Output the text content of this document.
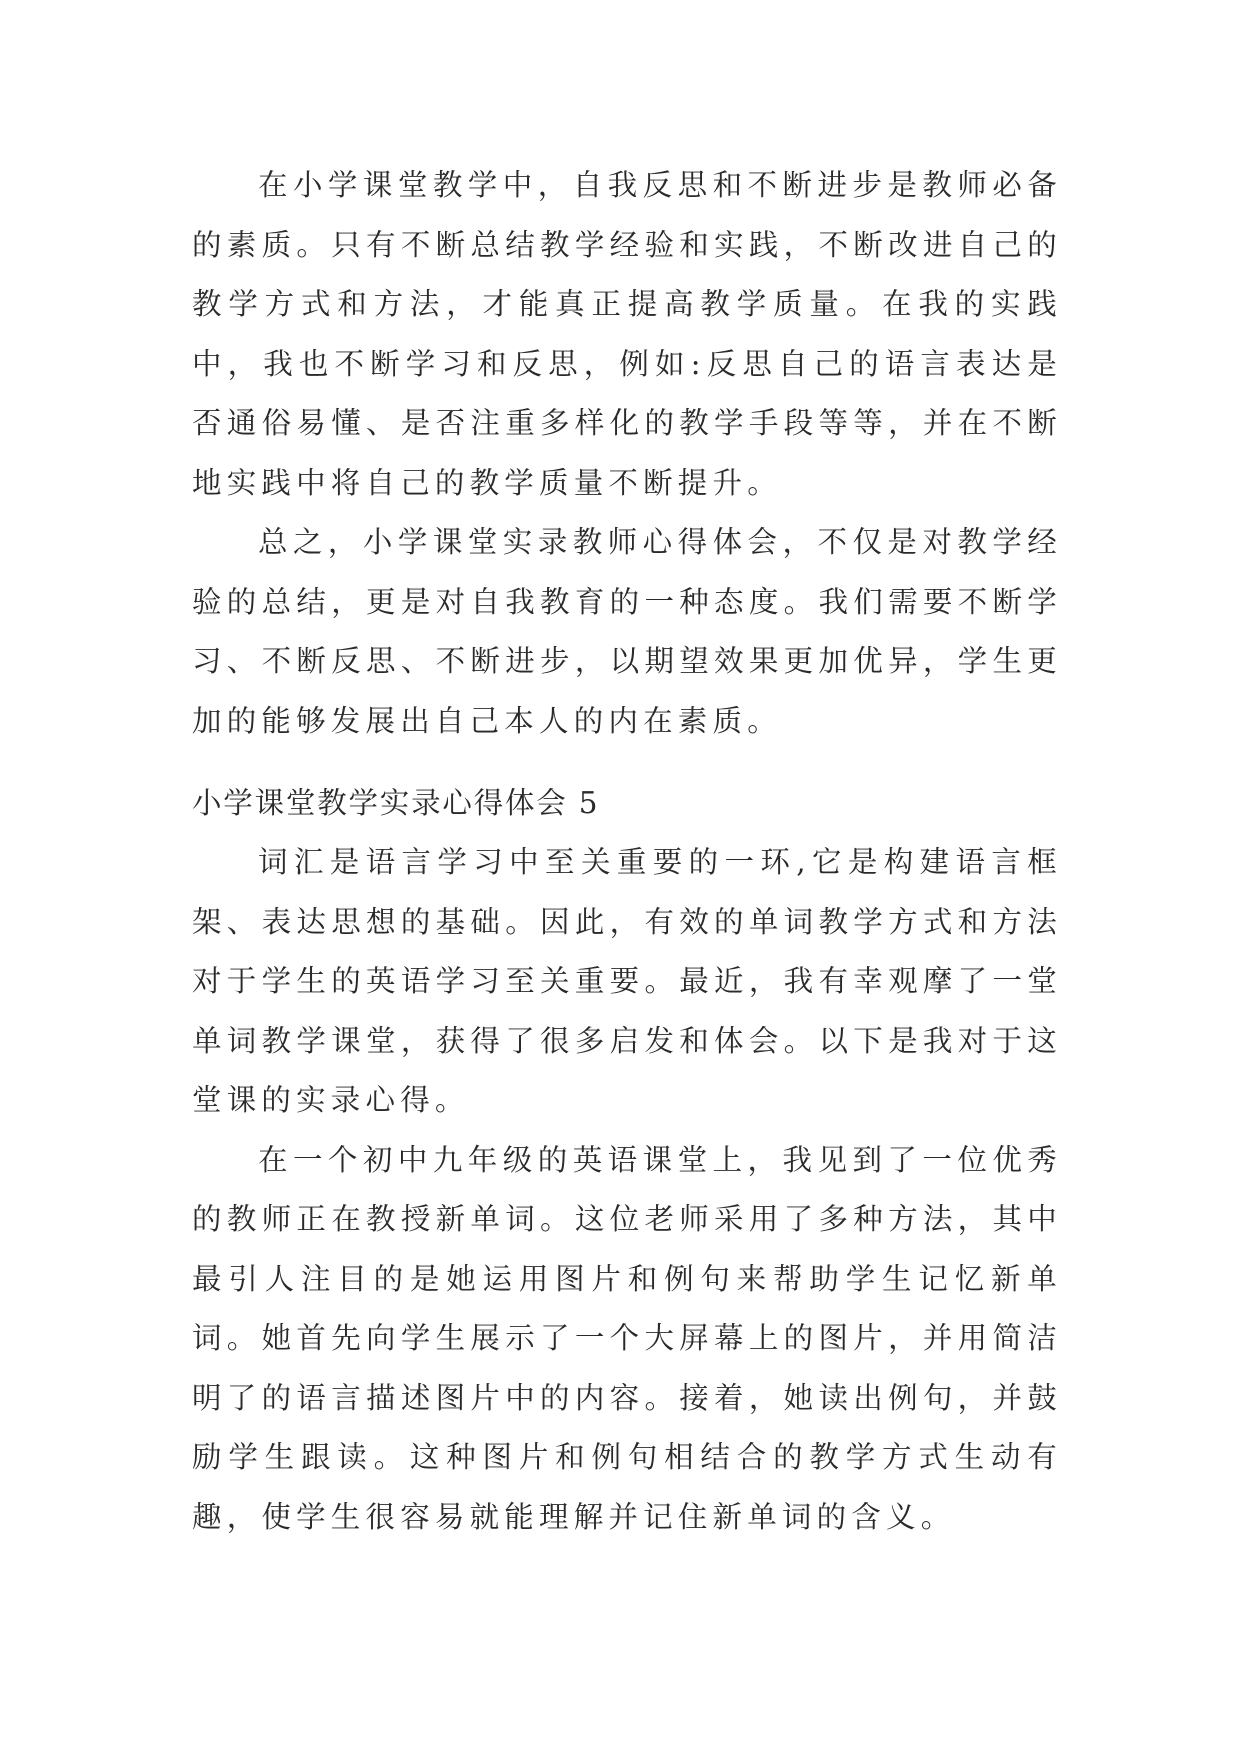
在小学课堂教学中，自我反思和不断进步是教师必备的素质。只有不断总结教学经验和实践，不断改进自己的教学方式和方法，才能真正提高教学质量。在我的实践中，我也不断学习和反思，例如:反思自己的语言表达是否通俗易懂、是否注重多样化的教学手段等等，并在不断地实践中将自己的教学质量不断提升。

总之，小学课堂实录教师心得体会，不仅是对教学经验的总结，更是对自我教育的一种态度。我们需要不断学习、不断反思、不断进步，以期望效果更加优异，学生更加的能够发展出自己本人的内在素质。

小学课堂教学实录心得体会 5

词汇是语言学习中至关重要的一环,它是构建语言框架、表达思想的基础。因此，有效的单词教学方式和方法对于学生的英语学习至关重要。最近，我有幸观摩了一堂单词教学课堂，获得了很多启发和体会。以下是我对于这堂课的实录心得。

在一个初中九年级的英语课堂上，我见到了一位优秀的教师正在教授新单词。这位老师采用了多种方法，其中最引人注目的是她运用图片和例句来帮助学生记忆新单词。她首先向学生展示了一个大屏幕上的图片，并用简洁明了的语言描述图片中的内容。接着，她读出例句，并鼓励学生跟读。这种图片和例句相结合的教学方式生动有趣，使学生很容易就能理解并记住新单词的含义。
